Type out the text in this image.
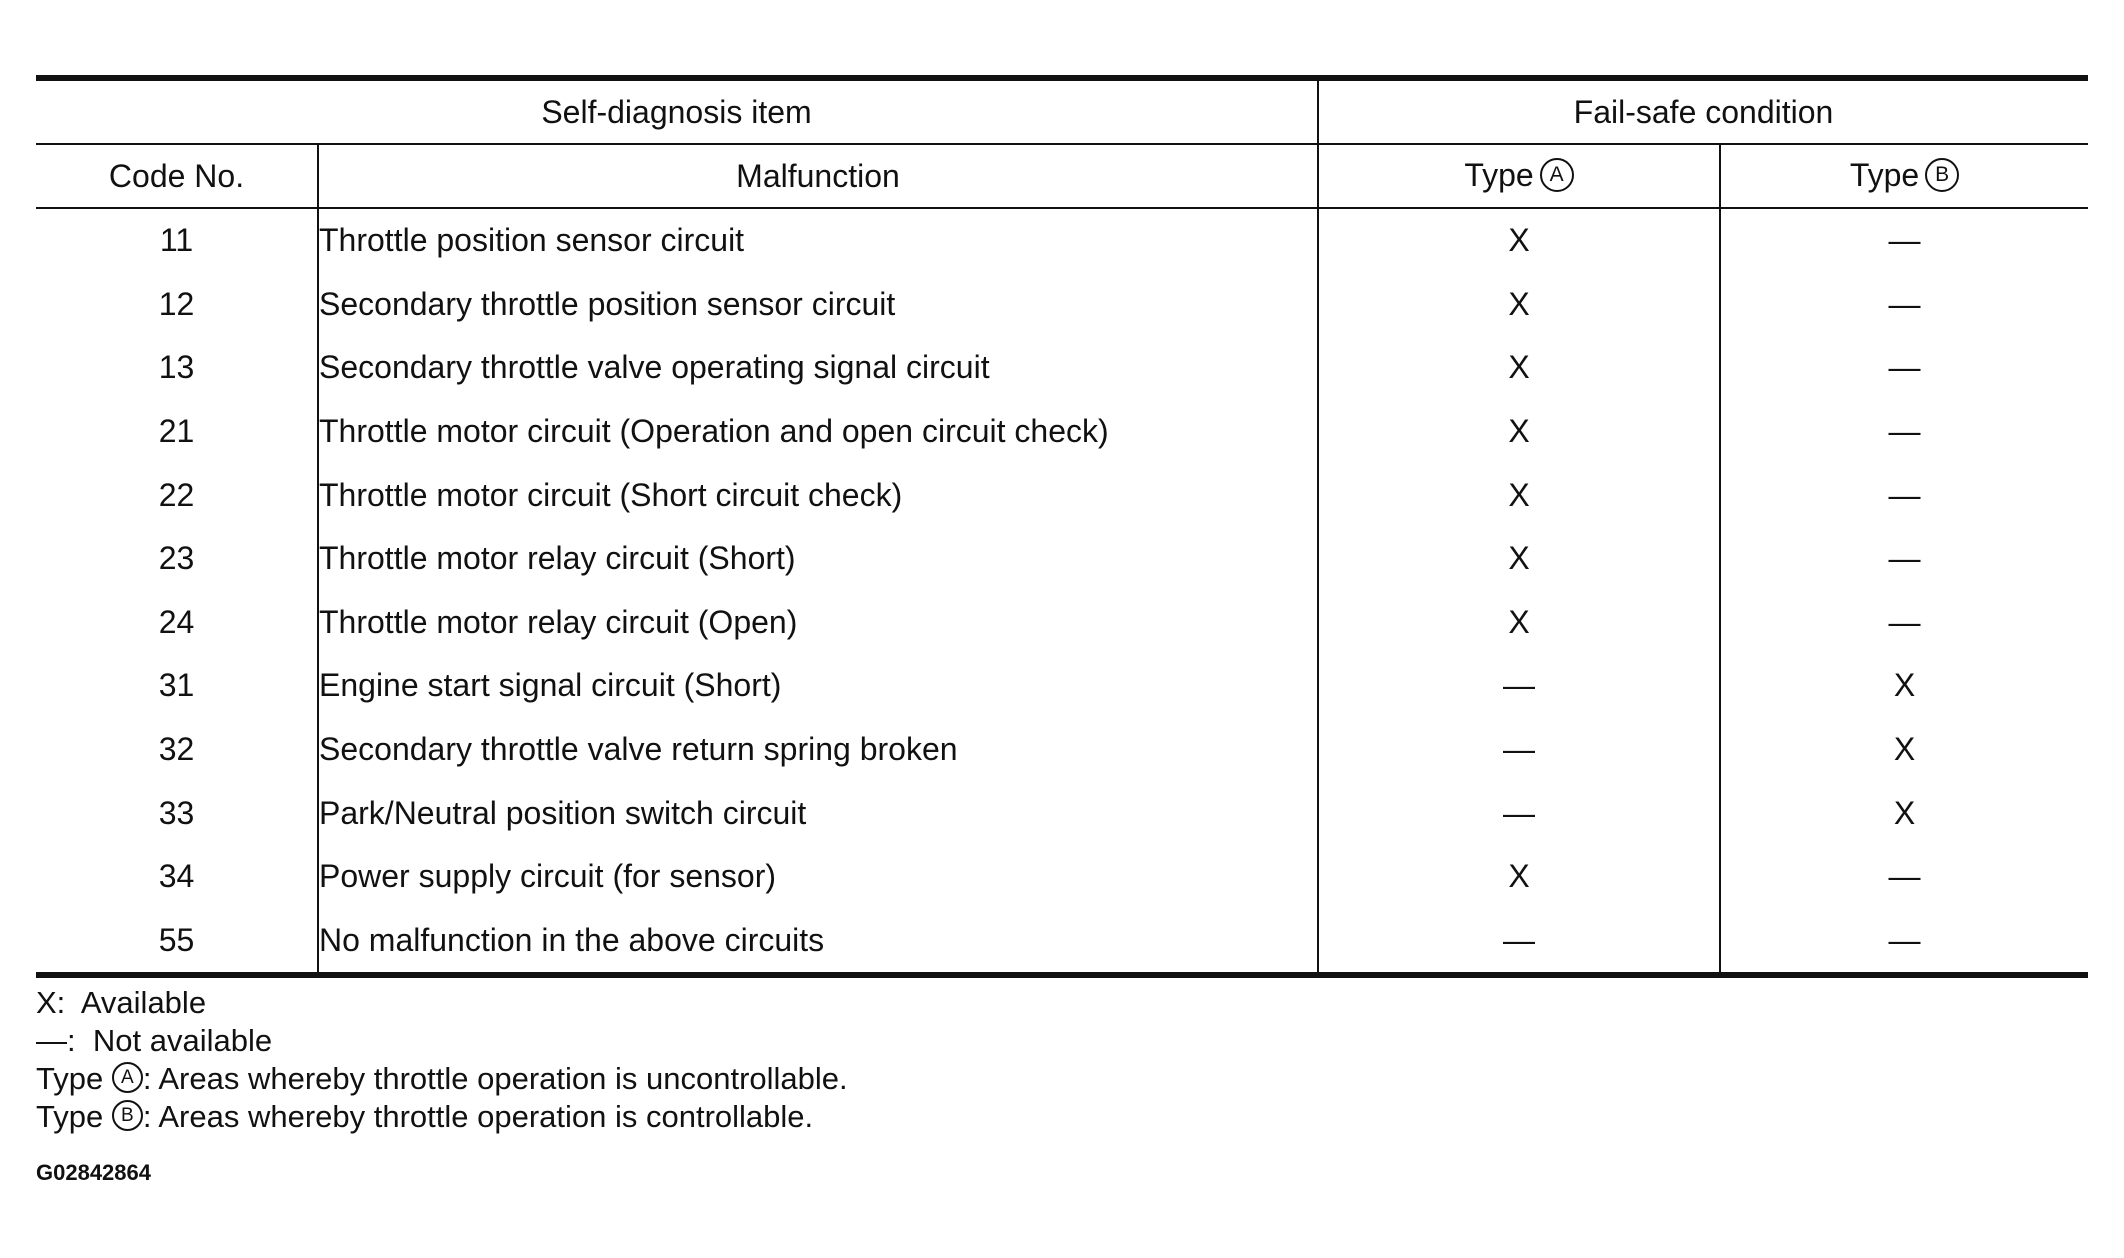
Self-diagnosis item		Fail-safe condition	
Code No.	Malfunction	Type A	Type B
11	Throttle position sensor circuit	X	—
12	Secondary throttle position sensor circuit	X	—
13	Secondary throttle valve operating signal circuit	X	—
21	Throttle motor circuit (Operation and open circuit check)	X	—
22	Throttle motor circuit (Short circuit check)	X	—
23	Throttle motor relay circuit (Short)	X	—
24	Throttle motor relay circuit (Open)	X	—
31	Engine start signal circuit (Short)	—	X
32	Secondary throttle valve return spring broken	—	X
33	Park/Neutral position switch circuit	—	X
34	Power supply circuit (for sensor)	X	—
55	No malfunction in the above circuits	—	—
X: Available
—: Not available
Type A : Areas whereby throttle operation is uncontrollable.
Type B : Areas whereby throttle operation is controllable.
G02842864
